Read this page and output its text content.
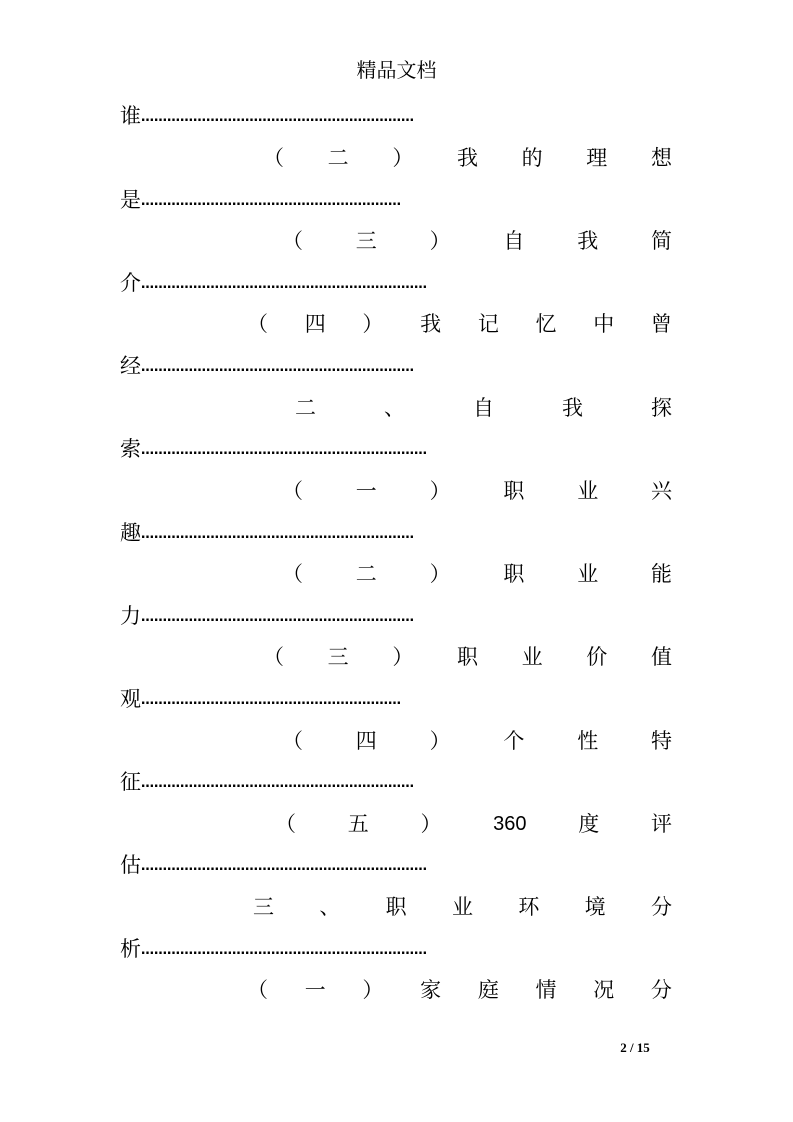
精品文档
谁 ………………………………………………………
（ 二 ） 我 的 理 想
是 ……………………………………………………
（	三	）	自	我	简
介 …………………………………………………………
（ 四 ） 我 记 忆 中 曾
经 ………………………………………………………
二	、	自	我	探
索 …………………………………………………………
（	一	）	职	业	兴
趣 ………………………………………………………
（	二	）	职	业	能
力 ………………………………………………………
（ 三 ） 职 业 价 值
观 ……………………………………………………
（	四	）	个	性	特
征 ………………………………………………………
（ 五 ）	360 度 评
估 …………………………………………………………
三 、 职 业 环 境 分
析 …………………………………………………………
（ 一 ） 家 庭 情 况 分
2 / 15
